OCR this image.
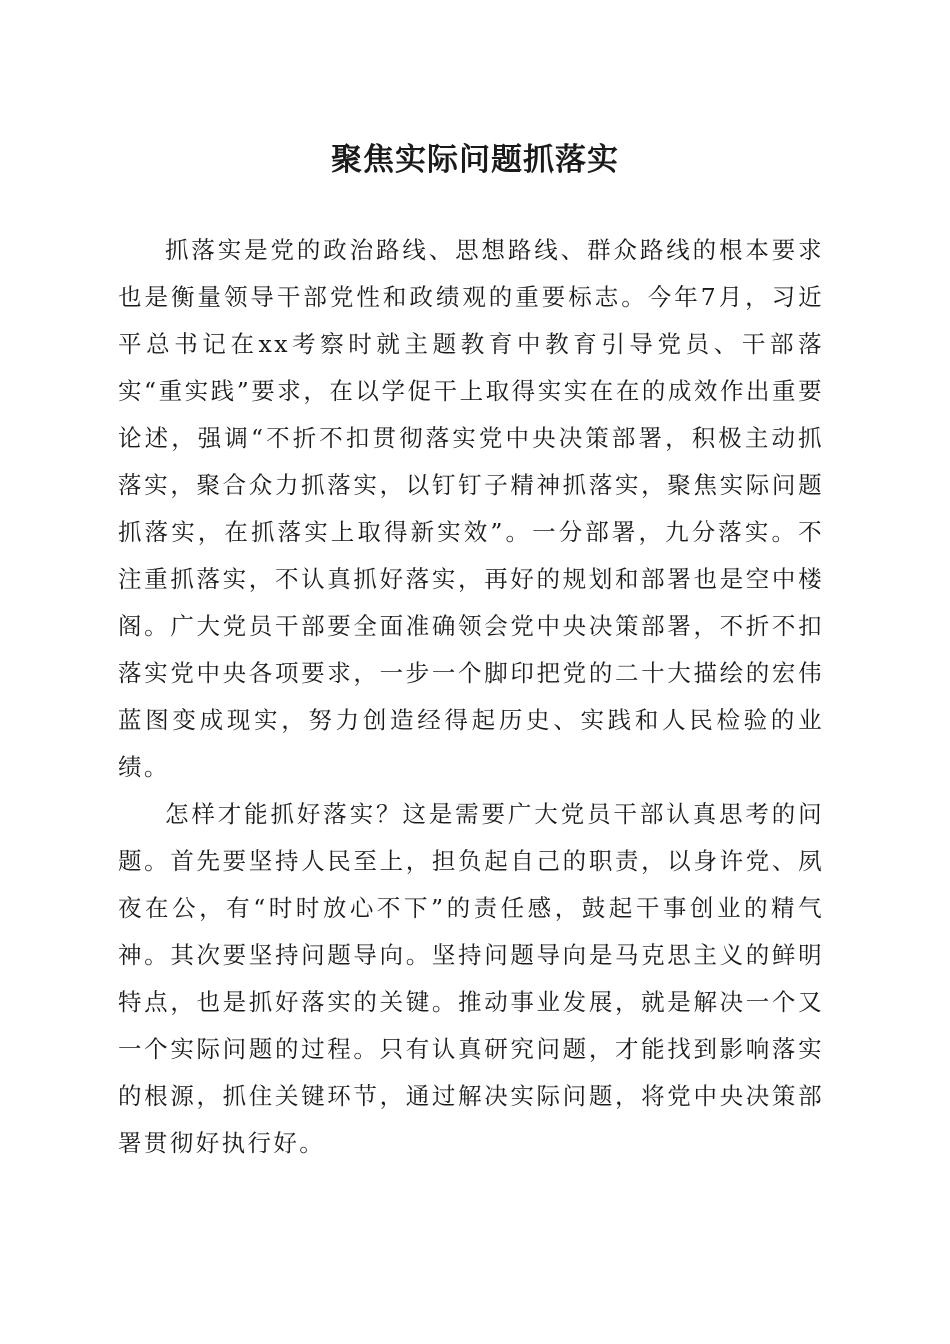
聚焦实际问题抓落实

抓落实是党的政治路线、思想路线、群众路线的根本要求也是衡量领导干部党性和政绩观的重要标志。今年7月，习近平总书记在xx考察时就主题教育中教育引导党员、干部落实“重实践”要求，在以学促干上取得实实在在的成效作出重要论述，强调“不折不扣贯彻落实党中央决策部署，积极主动抓落实，聚合众力抓落实，以钉钉子精神抓落实，聚焦实际问题抓落实，在抓落实上取得新实效”。一分部署，九分落实。不注重抓落实，不认真抓好落实，再好的规划和部署也是空中楼阁。广大党员干部要全面准确领会党中央决策部署，不折不扣落实党中央各项要求，一步一个脚印把党的二十大描绘的宏伟蓝图变成现实，努力创造经得起历史、实践和人民检验的业绩。

怎样才能抓好落实？这是需要广大党员干部认真思考的问题。首先要坚持人民至上，担负起自己的职责，以身许党、夙夜在公，有“时时放心不下”的责任感，鼓起干事创业的精气神。其次要坚持问题导向。坚持问题导向是马克思主义的鲜明特点，也是抓好落实的关键。推动事业发展，就是解决一个又一个实际问题的过程。只有认真研究问题，才能找到影响落实的根源，抓住关键环节，通过解决实际问题，将党中央决策部署贯彻好执行好。
